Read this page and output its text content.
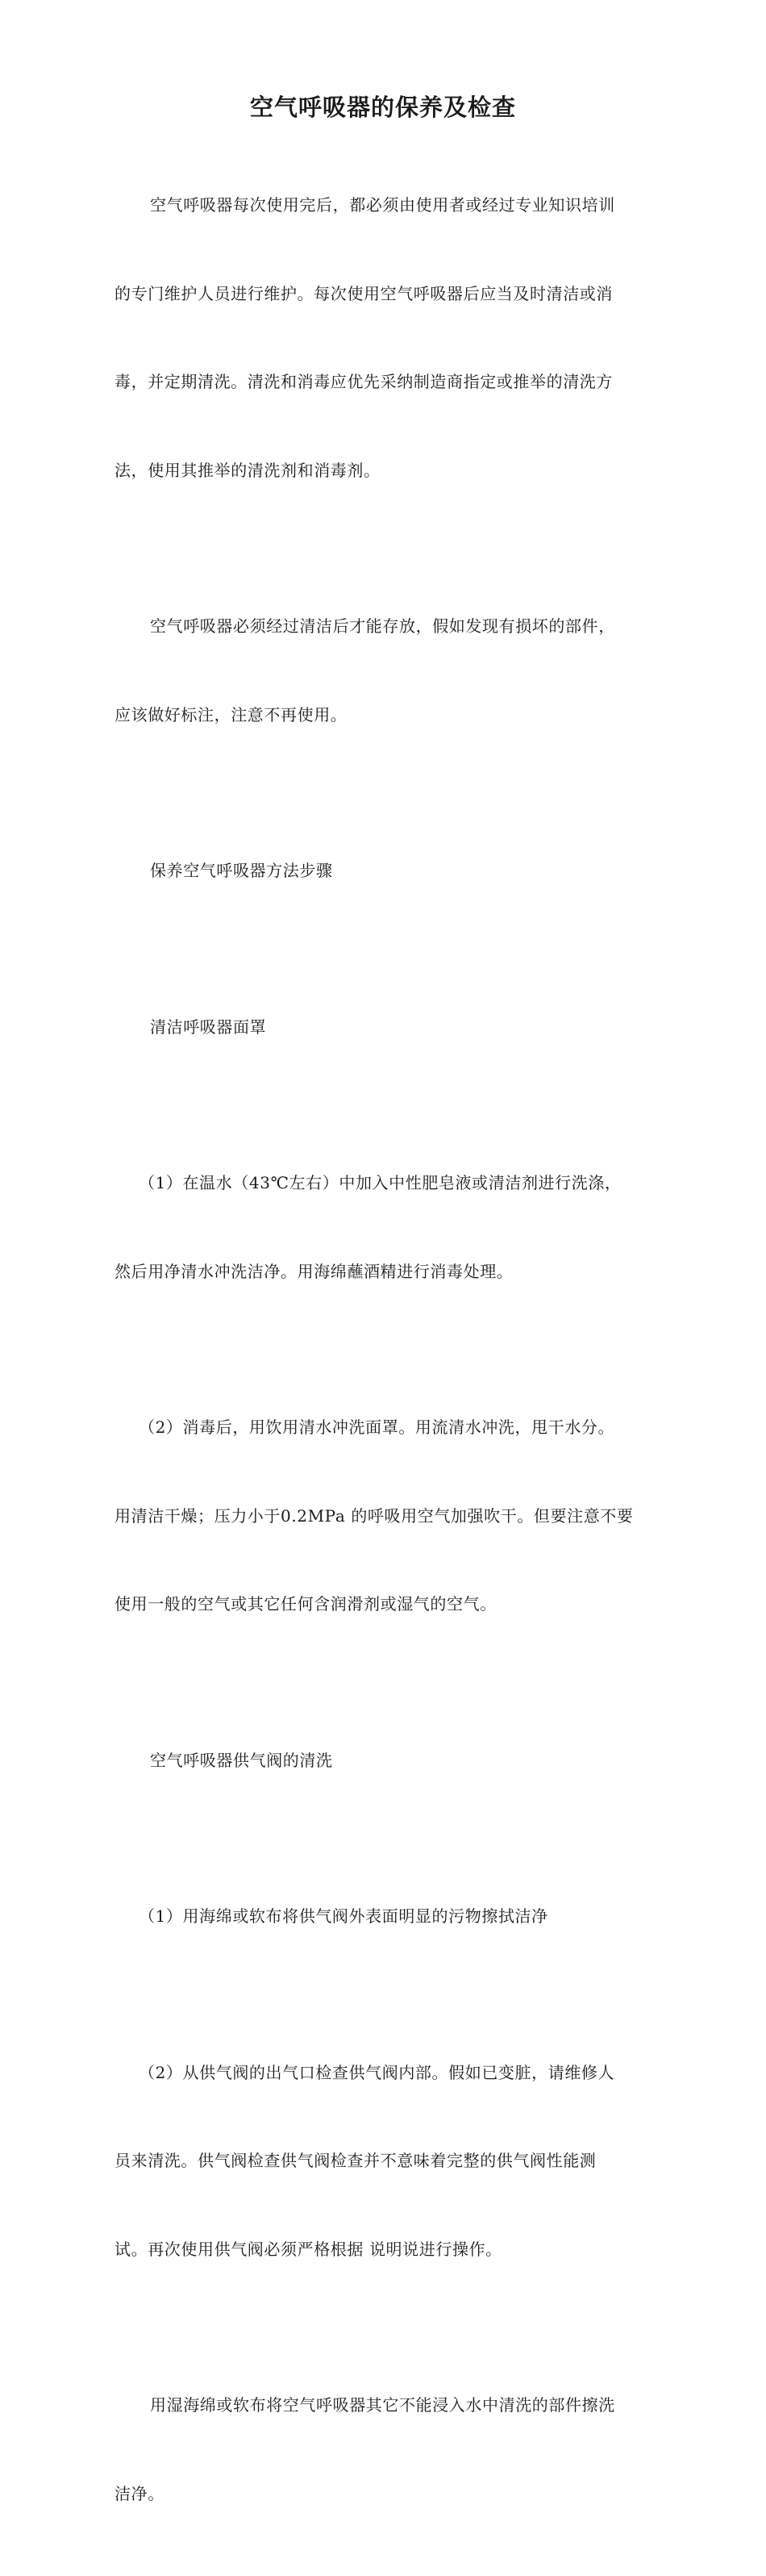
空气呼吸器的保养及检查

空气呼吸器每次使用完后，都必须由使用者或经过专业知识培训

的专门维护人员进行维护。每次使用空气呼吸器后应当及时清洁或消

毒，并定期清洗。清洗和消毒应优先采纳制造商指定或推举的清洗方

法，使用其推举的清洗剂和消毒剂。

空气呼吸器必须经过清洁后才能存放，假如发现有损坏的部件，

应该做好标注，注意不再使用。

保养空气呼吸器方法步骤

清洁呼吸器面罩

（1）在温水（43℃左右）中加入中性肥皂液或清洁剂进行洗涤，

然后用净清水冲洗洁净。用海绵蘸酒精进行消毒处理。

（2）消毒后，用饮用清水冲洗面罩。用流清水冲洗，甩干水分。

用清洁干燥；压力小于0.2MPa 的呼吸用空气加强吹干。但要注意不要

使用一般的空气或其它任何含润滑剂或湿气的空气。

空气呼吸器供气阀的清洗

（1）用海绵或软布将供气阀外表面明显的污物擦拭洁净

（2）从供气阀的出气口检查供气阀内部。假如已变脏，请维修人

员来清洗。供气阀检查供气阀检查并不意味着完整的供气阀性能测

试。再次使用供气阀必须严格根据 说明说进行操作。

用湿海绵或软布将空气呼吸器其它不能浸入水中清洗的部件擦洗

洁净。
